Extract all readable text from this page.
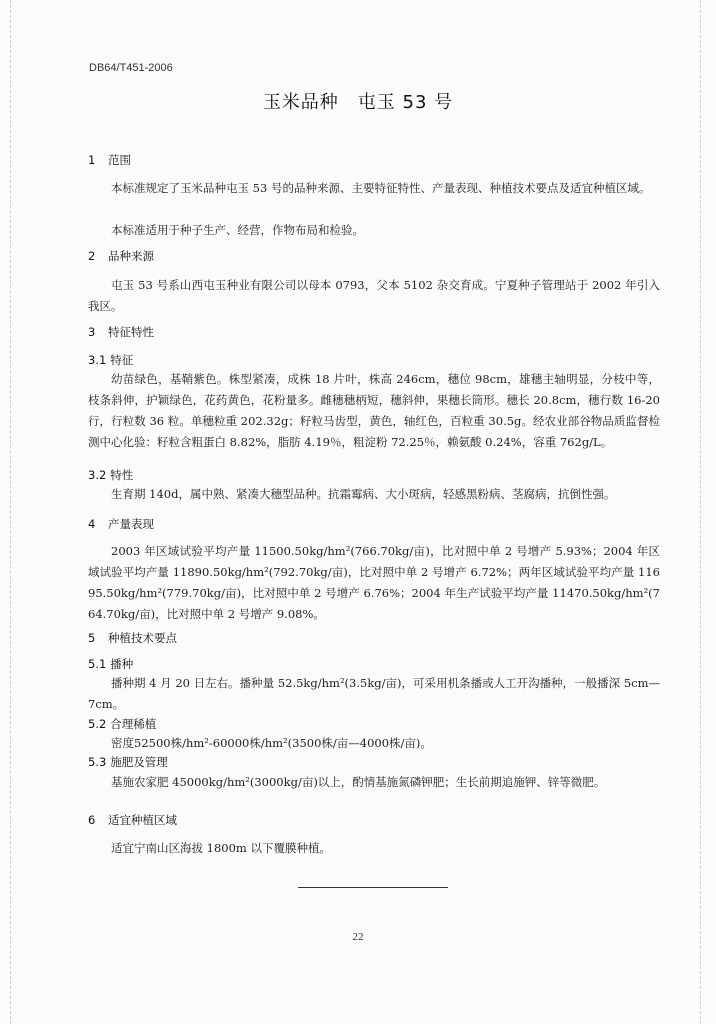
DB64/T451-2006
玉米品种　屯玉 53 号
1 范围
本标准规定了玉米品种屯玉 53 号的品种来源、主要特征特性、产量表现、种植技术要点及适宜种植区域。
本标准适用于种子生产、经营，作物布局和检验。
2 品种来源
屯玉 53 号系山西屯玉种业有限公司以母本 0793，父本 5102 杂交育成。宁夏种子管理站于 2002 年引入我区。
3 特征特性
3.1 特征
幼苗绿色，基鞘紫色。株型紧凑，成株 18 片叶，株高 246cm，穗位 98cm，雄穗主轴明显，分枝中等，枝条斜伸，护颖绿色，花药黄色，花粉量多。雌穗穗柄短，穗斜伸，果穗长筒形。穗长 20.8cm，穗行数 16-20 行，行粒数 36 粒。单穗粒重 202.32g；籽粒马齿型，黄色，轴红色，百粒重 30.5g。经农业部谷物品质监督检测中心化验：籽粒含粗蛋白 8.82%，脂肪 4.19％，粗淀粉 72.25％，赖氨酸 0.24%，容重 762g/L。
3.2 特性
生育期 140d，属中熟、紧凑大穗型品种。抗霜霉病、大小斑病，轻感黑粉病、茎腐病，抗倒性强。
4 产量表现
2003 年区域试验平均产量 11500.50kg/hm²(766.70kg/亩)，比对照中单 2 号增产 5.93%；2004 年区域试验平均产量 11890.50kg/hm²(792.70kg/亩)，比对照中单 2 号增产 6.72%；两年区域试验平均产量 11695.50kg/hm²(779.70kg/亩)，比对照中单 2 号增产 6.76%；2004 年生产试验平均产量 11470.50kg/hm²(764.70kg/亩)，比对照中单 2 号增产 9.08%。
5 种植技术要点
5.1 播种
播种期 4 月 20 日左右。播种量 52.5kg/hm²(3.5kg/亩)，可采用机条播或人工开沟播种，一般播深 5cm—7cm。
5.2 合理稀植
密度52500株/hm²-60000株/hm²(3500株/亩—4000株/亩)。
5.3 施肥及管理
基施农家肥 45000kg/hm²(3000kg/亩)以上，酌情基施氮磷钾肥；生长前期追施钾、锌等微肥。
6 适宜种植区域
适宜宁南山区海拔 1800m 以下覆膜种植。
22
